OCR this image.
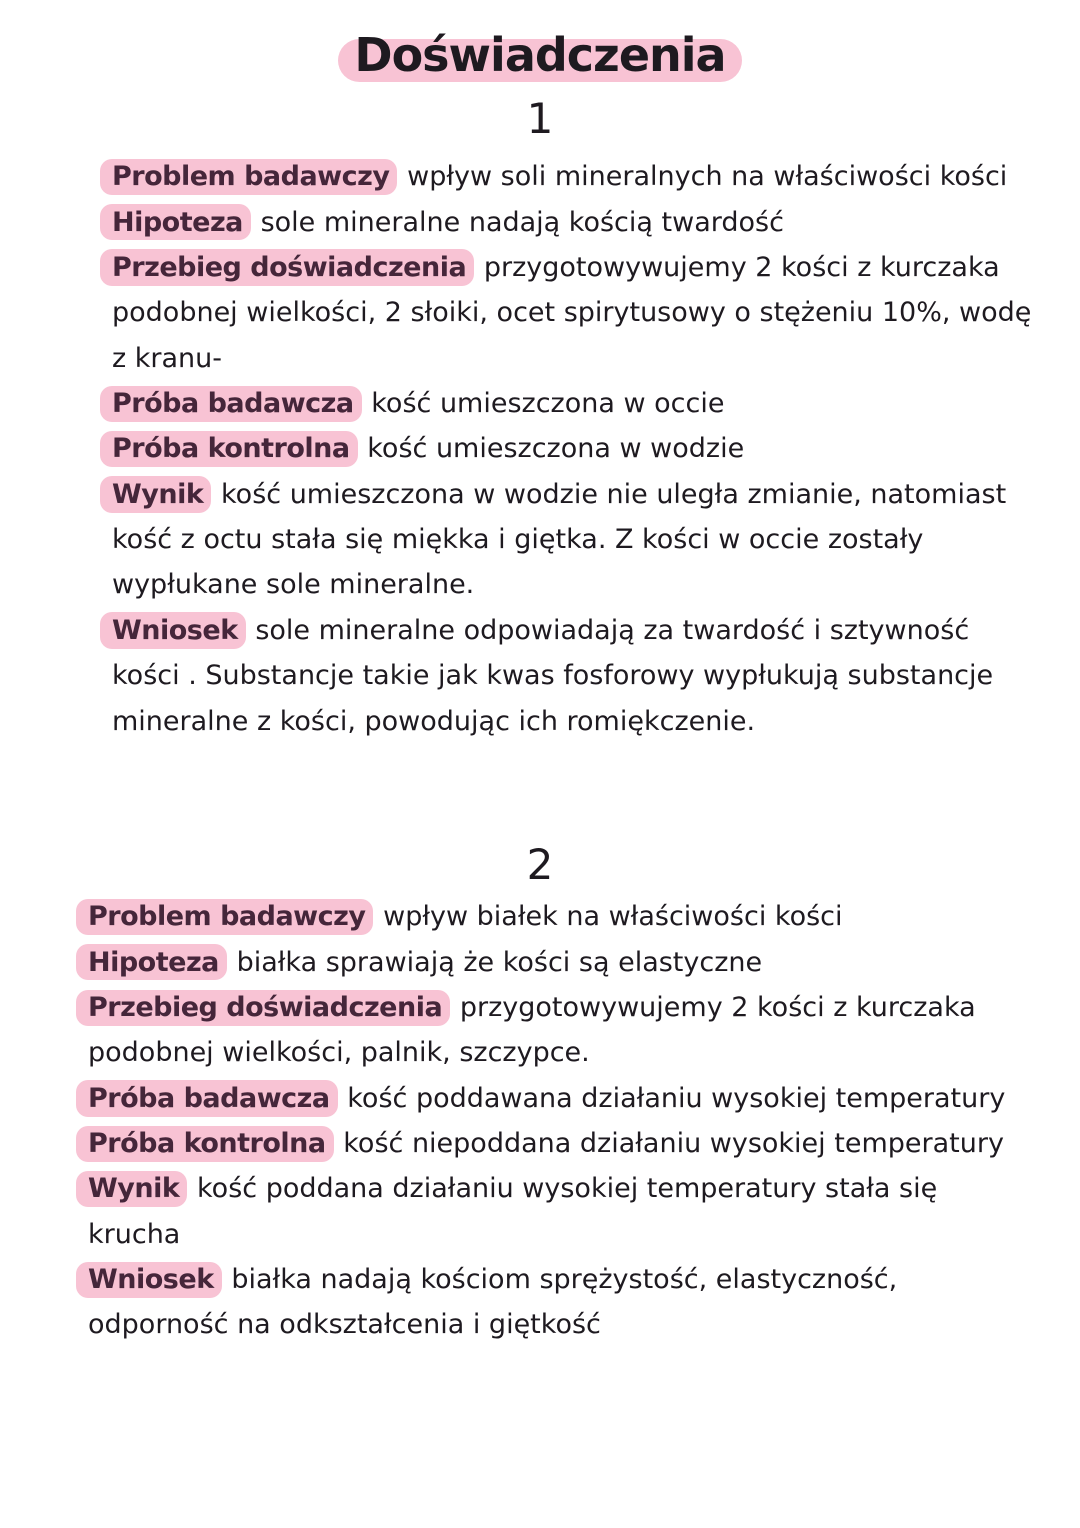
Doświadczenia
1

Problem badawczy: wpływ soli mineralnych na właściwości kości

Hipoteza: sole mineralne nadają kością twardość

Przebieg doświadczenia: przygotowywujemy 2 kości z kurczaka podobnej wielkości, 2 słoiki, ocet spirytusowy o stężeniu 10%, wodę z kranu-

Próba badawcza: kość umieszczona w occie

Próba kontrolna: kość umieszczona w wodzie

Wynik: kość umieszczona w wodzie nie uległa zmianie, natomiast kość z octu stała się miękka i giętka. Z kości w occie zostały wypłukane sole mineralne.

Wniosek: sole mineralne odpowiadają za twardość i sztywność kości . Substancje takie jak kwas fosforowy wypłukują substancje mineralne z kości, powodując ich romiękczenie.

2

Problem badawczy: wpływ białek na właściwości kości

Hipoteza: białka sprawiają że kości są elastyczne

Przebieg doświadczenia: przygotowywujemy 2 kości z kurczaka podobnej wielkości, palnik, szczypce.

Próba badawcza: kość poddawana działaniu wysokiej temperatury

Próba kontrolna: kość niepoddana działaniu wysokiej temperatury

Wynik: kość poddana działaniu wysokiej temperatury stała się krucha

Wniosek: białka nadają kościom sprężystość, elastyczność, odporność na odkształcenia i giętkość
